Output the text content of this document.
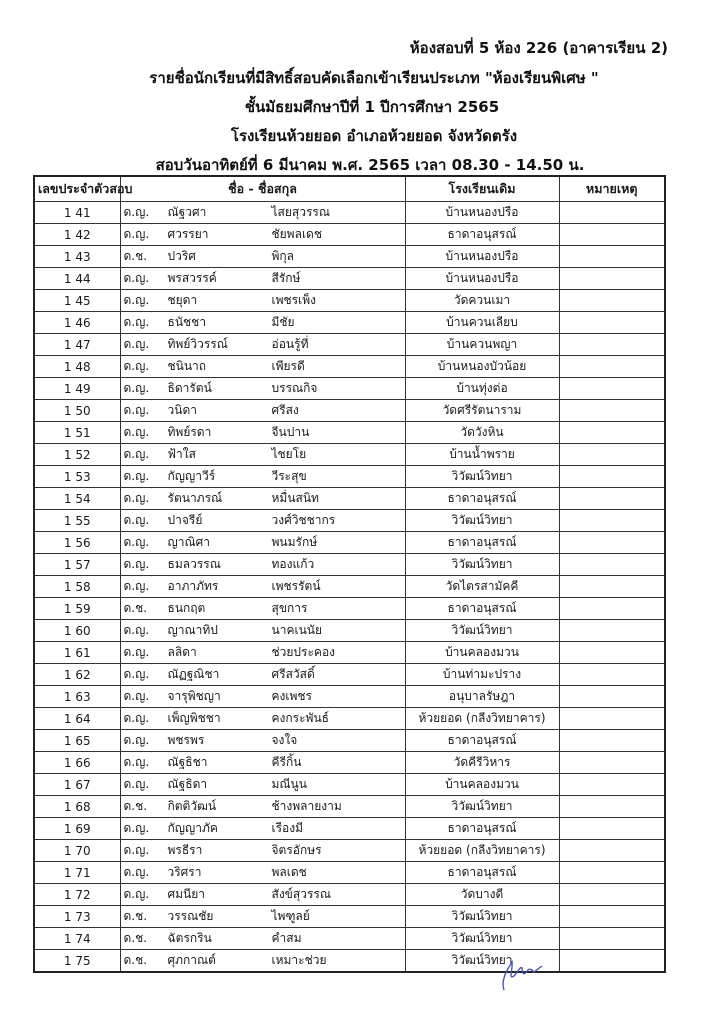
ห้องสอบที่ 5 ห้อง 226 (อาคารเรียน 2)
รายชื่อนักเรียนที่มีสิทธิ์สอบคัดเลือกเข้าเรียนประเภท "ห้องเรียนพิเศษ "
ชั้นมัธยมศึกษาปีที่ 1 ปีการศึกษา 2565
โรงเรียนห้วยยอด อำเภอห้วยยอด จังหวัดตรัง
สอบวันอาทิตย์ที่ 6 มีนาคม พ.ศ. 2565 เวลา 08.30 - 14.50 น.
เลขประจำตัวสอบ	ชื่อ - ชื่อสกุล	โรงเรียนเดิม	หมายเหตุ
1 41	ด.ญ. ณัฐวศา ไสยสุวรรณ	บ้านหนองปรือ	
1 42	ด.ญ. ศวรรยา ชัยพลเดช	ธาดาอนุสรณ์	
1 43	ด.ช. ปวริศ พิกุล	บ้านหนองปรือ	
1 44	ด.ญ. พรสวรรค์ สีรักษ์	บ้านหนองปรือ	
1 45	ด.ญ. ชยุดา เพชรเพ็ง	วัดควนเมา	
1 46	ด.ญ. ธนัชชา มีชัย	บ้านควนเลียบ	
1 47	ด.ญ. ทิพย์วิวรรณ์ อ่อนรู้ที่	บ้านควนพญา	
1 48	ด.ญ. ชนินาถ เพียรดี	บ้านหนองบัวน้อย	
1 49	ด.ญ. ธิดารัตน์ บรรณกิจ	บ้านทุ่งต่อ	
1 50	ด.ญ. วนิดา ศรีสง	วัดศรีรัตนาราม	
1 51	ด.ญ. ทิพย์รดา จีนปาน	วัดวังหิน	
1 52	ด.ญ. ฟ้าใส ไชยโย	บ้านน้ำพราย	
1 53	ด.ญ. กัญญาวีร์ วีระสุข	วิวัฒน์วิทยา	
1 54	ด.ญ. รัตนาภรณ์ หมื่นสนิท	ธาดาอนุสรณ์	
1 55	ด.ญ. ปาจรีย์ วงศ์วิชชากร	วิวัฒน์วิทยา	
1 56	ด.ญ. ญาณิศา พนมรักษ์	ธาดาอนุสรณ์	
1 57	ด.ญ. ธมลวรรณ ทองแก้ว	วิวัฒน์วิทยา	
1 58	ด.ญ. อาภาภัทร เพชรรัตน์	วัดไตรสามัคคี	
1 59	ด.ช. ธนกฤต สุขการ	ธาดาอนุสรณ์	
1 60	ด.ญ. ญาณาทิป นาคเนนัย	วิวัฒน์วิทยา	
1 61	ด.ญ. ลลิดา ช่วยประคอง	บ้านคลองมวน	
1 62	ด.ญ. ณัฏฐณิชา ศรีสวัสดิ์	บ้านท่ามะปราง	
1 63	ด.ญ. จารุพิชญา คงเพชร	อนุบาลรัษฎา	
1 64	ด.ญ. เพ็ญพิชชา คงกระพันธ์	ห้วยยอด (กลีงวิทยาคาร)	
1 65	ด.ญ. พชรพร จงใจ	ธาดาอนุสรณ์	
1 66	ด.ญ. ณัฐธิชา คีรีกิ้น	วัดคีรีวิหาร	
1 67	ด.ญ. ณัฐธิดา มณีนูน	บ้านคลองมวน	
1 68	ด.ช. กิตติวัฒน์ ช้างพลายงาม	วิวัฒน์วิทยา	
1 69	ด.ญ. กัญญาภัค เรืองมี	ธาดาอนุสรณ์	
1 70	ด.ญ. พรธีรา จิตรอักษร	ห้วยยอด (กลีงวิทยาคาร)	
1 71	ด.ญ. วริศรา พลเดช	ธาดาอนุสรณ์	
1 72	ด.ญ. ศมนียา สังข์สุวรรณ	วัดบางดี	
1 73	ด.ช. วรรณชัย ไพฑูลย์	วิวัฒน์วิทยา	
1 74	ด.ช. ฉัตรกริน คำสม	วิวัฒน์วิทยา	
1 75	ด.ช. ศุภกาณต์ เหมาะช่วย	วิวัฒน์วิทยา	
